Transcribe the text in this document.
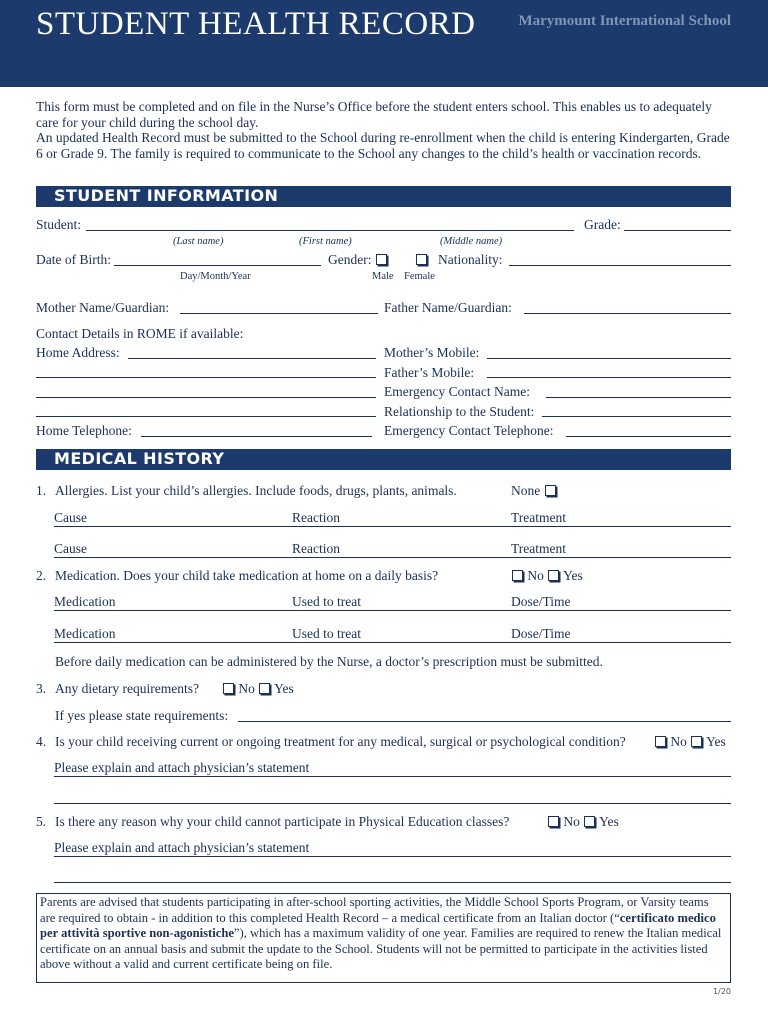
STUDENT HEALTH RECORD	Marymount International School
This form must be completed and on file in the Nurse’s Office before the student enters school. This enables us to adequately care for your child during the school day.
An updated Health Record must be submitted to the School during re-enrollment when the child is entering Kindergarten, Grade 6 or Grade 9. The family is required to communicate to the School any changes to the child’s health or vaccination records.
STUDENT INFORMATION
Student:	Grade:
(Last name)	(First name)	(Middle name)
Date of Birth:	Gender:	Nationality:
Day/Month/Year	Male Female
Mother Name/Guardian:	Father Name/Guardian:
Contact Details in ROME if available:
Home Address:	Mother’s Mobile:
Father’s Mobile:
Emergency Contact Name:
Relationship to the Student:
Home Telephone:	Emergency Contact Telephone:
MEDICAL HISTORY
1. Allergies. List your child’s allergies. Include foods, drugs, plants, animals.	None
Cause	Reaction	Treatment
Cause	Reaction	Treatment
2. Medication. Does your child take medication at home on a daily basis?	No Yes
Medication	Used to treat	Dose/Time
Medication	Used to treat	Dose/Time
Before daily medication can be administered by the Nurse, a doctor’s prescription must be submitted.
3. Any dietary requirements?	No Yes
If yes please state requirements:
4. Is your child receiving current or ongoing treatment for any medical, surgical or psychological condition?	No Yes
Please explain and attach physician’s statement
5. Is there any reason why your child cannot participate in Physical Education classes?	No Yes
Please explain and attach physician’s statement
Parents are advised that students participating in after-school sporting activities, the Middle School Sports Program, or Varsity teams are required to obtain - in addition to this completed Health Record – a medical certificate from an Italian doctor (“certificato medico per attività sportive non-agonistiche”), which has a maximum validity of one year. Families are required to renew the Italian medical certificate on an annual basis and submit the update to the School. Students will not be permitted to participate in the activities listed above without a valid and current certificate being on file.
1/20
